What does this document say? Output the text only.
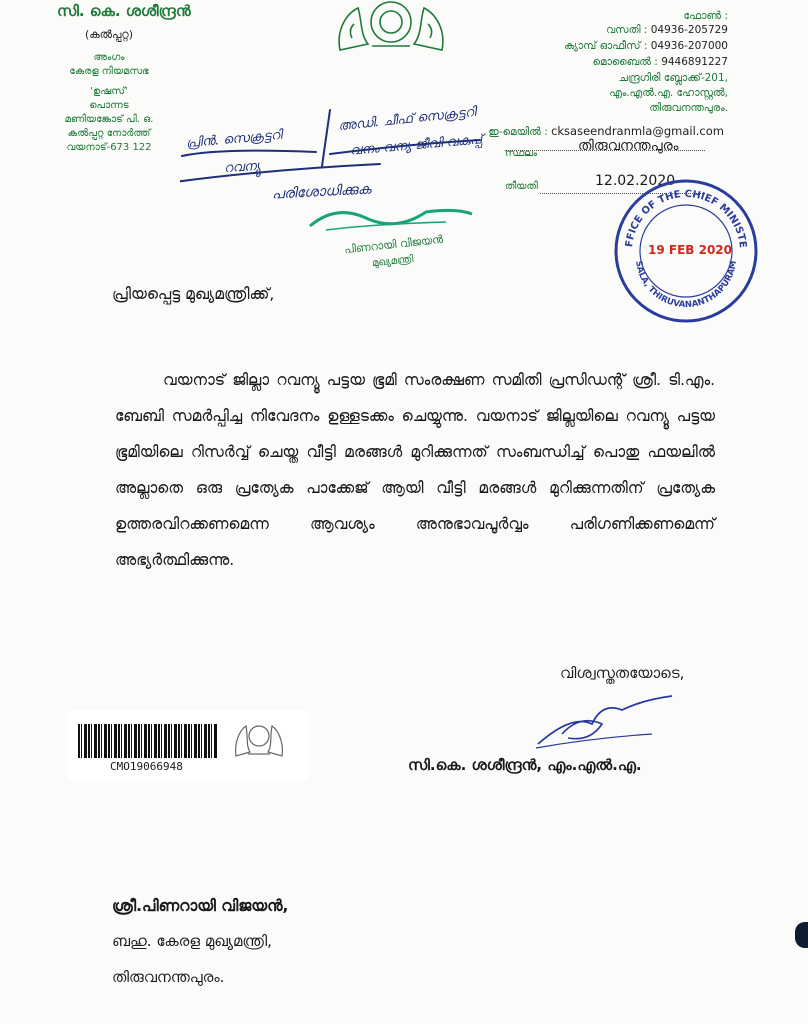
സി. കെ. ശശീന്ദ്രൻ
(കൽപ്പറ്റ)
അംഗം
കേരള നിയമസഭ
'ഉഷസ്'
പൊന്നട
മണിയങ്കോട് പി. ഒ.
കൽപ്പറ്റ നോർത്ത്
വയനാട്-673 122
ഫോൺ :
വസതി : 04936-205729
ക്യാമ്പ് ഓഫീസ് : 04936-207000
മൊബൈൽ : 9446891227
ചന്ദ്രഗിരി ബ്ലോക്ക്-201,
എം.എൽ.എ. ഹോസ്റ്റൽ,
തിരുവനന്തപുരം.
ഇ-മെയിൽ : cksaseendranmla@gmail.com
സ്ഥലം	തിരുവനന്തപുരം
തീയതി	12.02.2020
പ്രിൻ. സെക്രട്ടറി
റവന്യൂ
അഡി. ചീഫ് സെക്രട്ടറി
വനം വന്യ ജീവി വകുപ്പ്
പരിശോധിക്കുക
പിണറായി വിജയൻ
മുഖ്യമന്ത്രി
FFICE OF THE CHIEF MINISTE
SALA, THIRUVANANTHAPURAM
19 FEB 2020
പ്രിയപ്പെട്ട മുഖ്യമന്ത്രിക്ക്,
വയനാട് ജില്ലാ റവന്യൂ പട്ടയ ഭൂമി സംരക്ഷണ സമിതി പ്രസിഡന്റ് ശ്രീ. ടി.എം. ബേബി സമർപ്പിച്ച നിവേദനം ഉള്ളടക്കം ചെയ്യുന്നു. വയനാട് ജില്ലയിലെ റവന്യൂ പട്ടയ ഭൂമിയിലെ റിസർവ്വ് ചെയ്ത വീട്ടി മരങ്ങൾ മുറിക്കുന്നത് സംബന്ധിച്ച് പൊതു ഫയലിൽ അല്ലാതെ ഒരു പ്രത്യേക പാക്കേജ് ആയി വീട്ടി മരങ്ങൾ മുറിക്കുന്നതിന് പ്രത്യേക ഉത്തരവിറക്കണമെന്ന ആവശ്യം അനുഭാവപൂർവ്വം പരിഗണിക്കണമെന്ന് അഭ്യർത്ഥിക്കുന്നു.
വിശ്വസ്തതയോടെ,
സി.കെ. ശശീന്ദ്രൻ, എം.എൽ.എ.
CMO19066948
ശ്രീ.പിണറായി വിജയൻ,
ബഹു. കേരള മുഖ്യമന്ത്രി,
തിരുവനന്തപുരം.
